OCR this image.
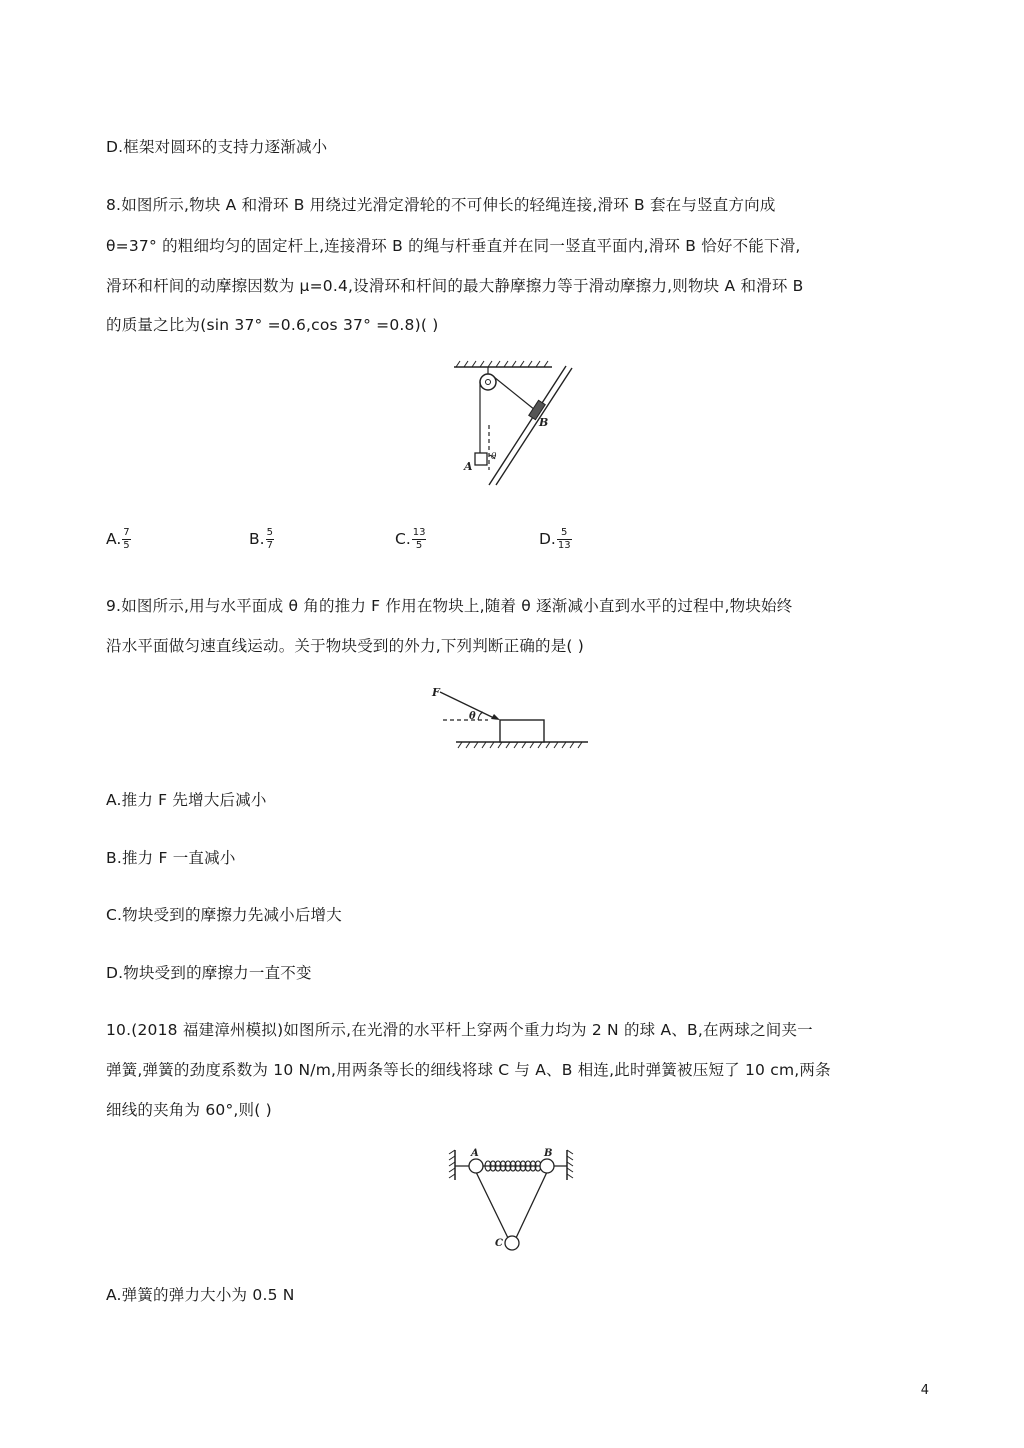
D.框架对圆环的支持力逐渐减小
8.如图所示,物块 A 和滑环 B 用绕过光滑定滑轮的不可伸长的轻绳连接,滑环 B 套在与竖直方向成
θ=37° 的粗细均匀的固定杆上,连接滑环 B 的绳与杆垂直并在同一竖直平面内,滑环 B 恰好不能下滑,
滑环和杆间的动摩擦因数为 μ=0.4,设滑环和杆间的最大静摩擦力等于滑动摩擦力,则物块 A 和滑环 B
的质量之比为(sin 37° =0.6,cos 37° =0.8)( )
A
B
θ
A. $\frac{7}{5}$	B. $\frac{5}{7}$	C. $\frac{13}{5}$	D. $\frac{5}{13}$
9.如图所示,用与水平面成 θ 角的推力 F 作用在物块上,随着 θ 逐渐减小直到水平的过程中,物块始终
沿水平面做匀速直线运动。关于物块受到的外力,下列判断正确的是( )
F
θ
A.推力 F 先增大后减小
B.推力 F 一直减小
C.物块受到的摩擦力先减小后增大
D.物块受到的摩擦力一直不变
10.(2018 福建漳州模拟)如图所示,在光滑的水平杆上穿两个重力均为 2 N 的球 A、B,在两球之间夹一
弹簧,弹簧的劲度系数为 10 N/m,用两条等长的细线将球 C 与 A、B 相连,此时弹簧被压短了 10 cm,两条
细线的夹角为 60°,则( )
A	B
C
A.弹簧的弹力大小为 0.5 N
4
